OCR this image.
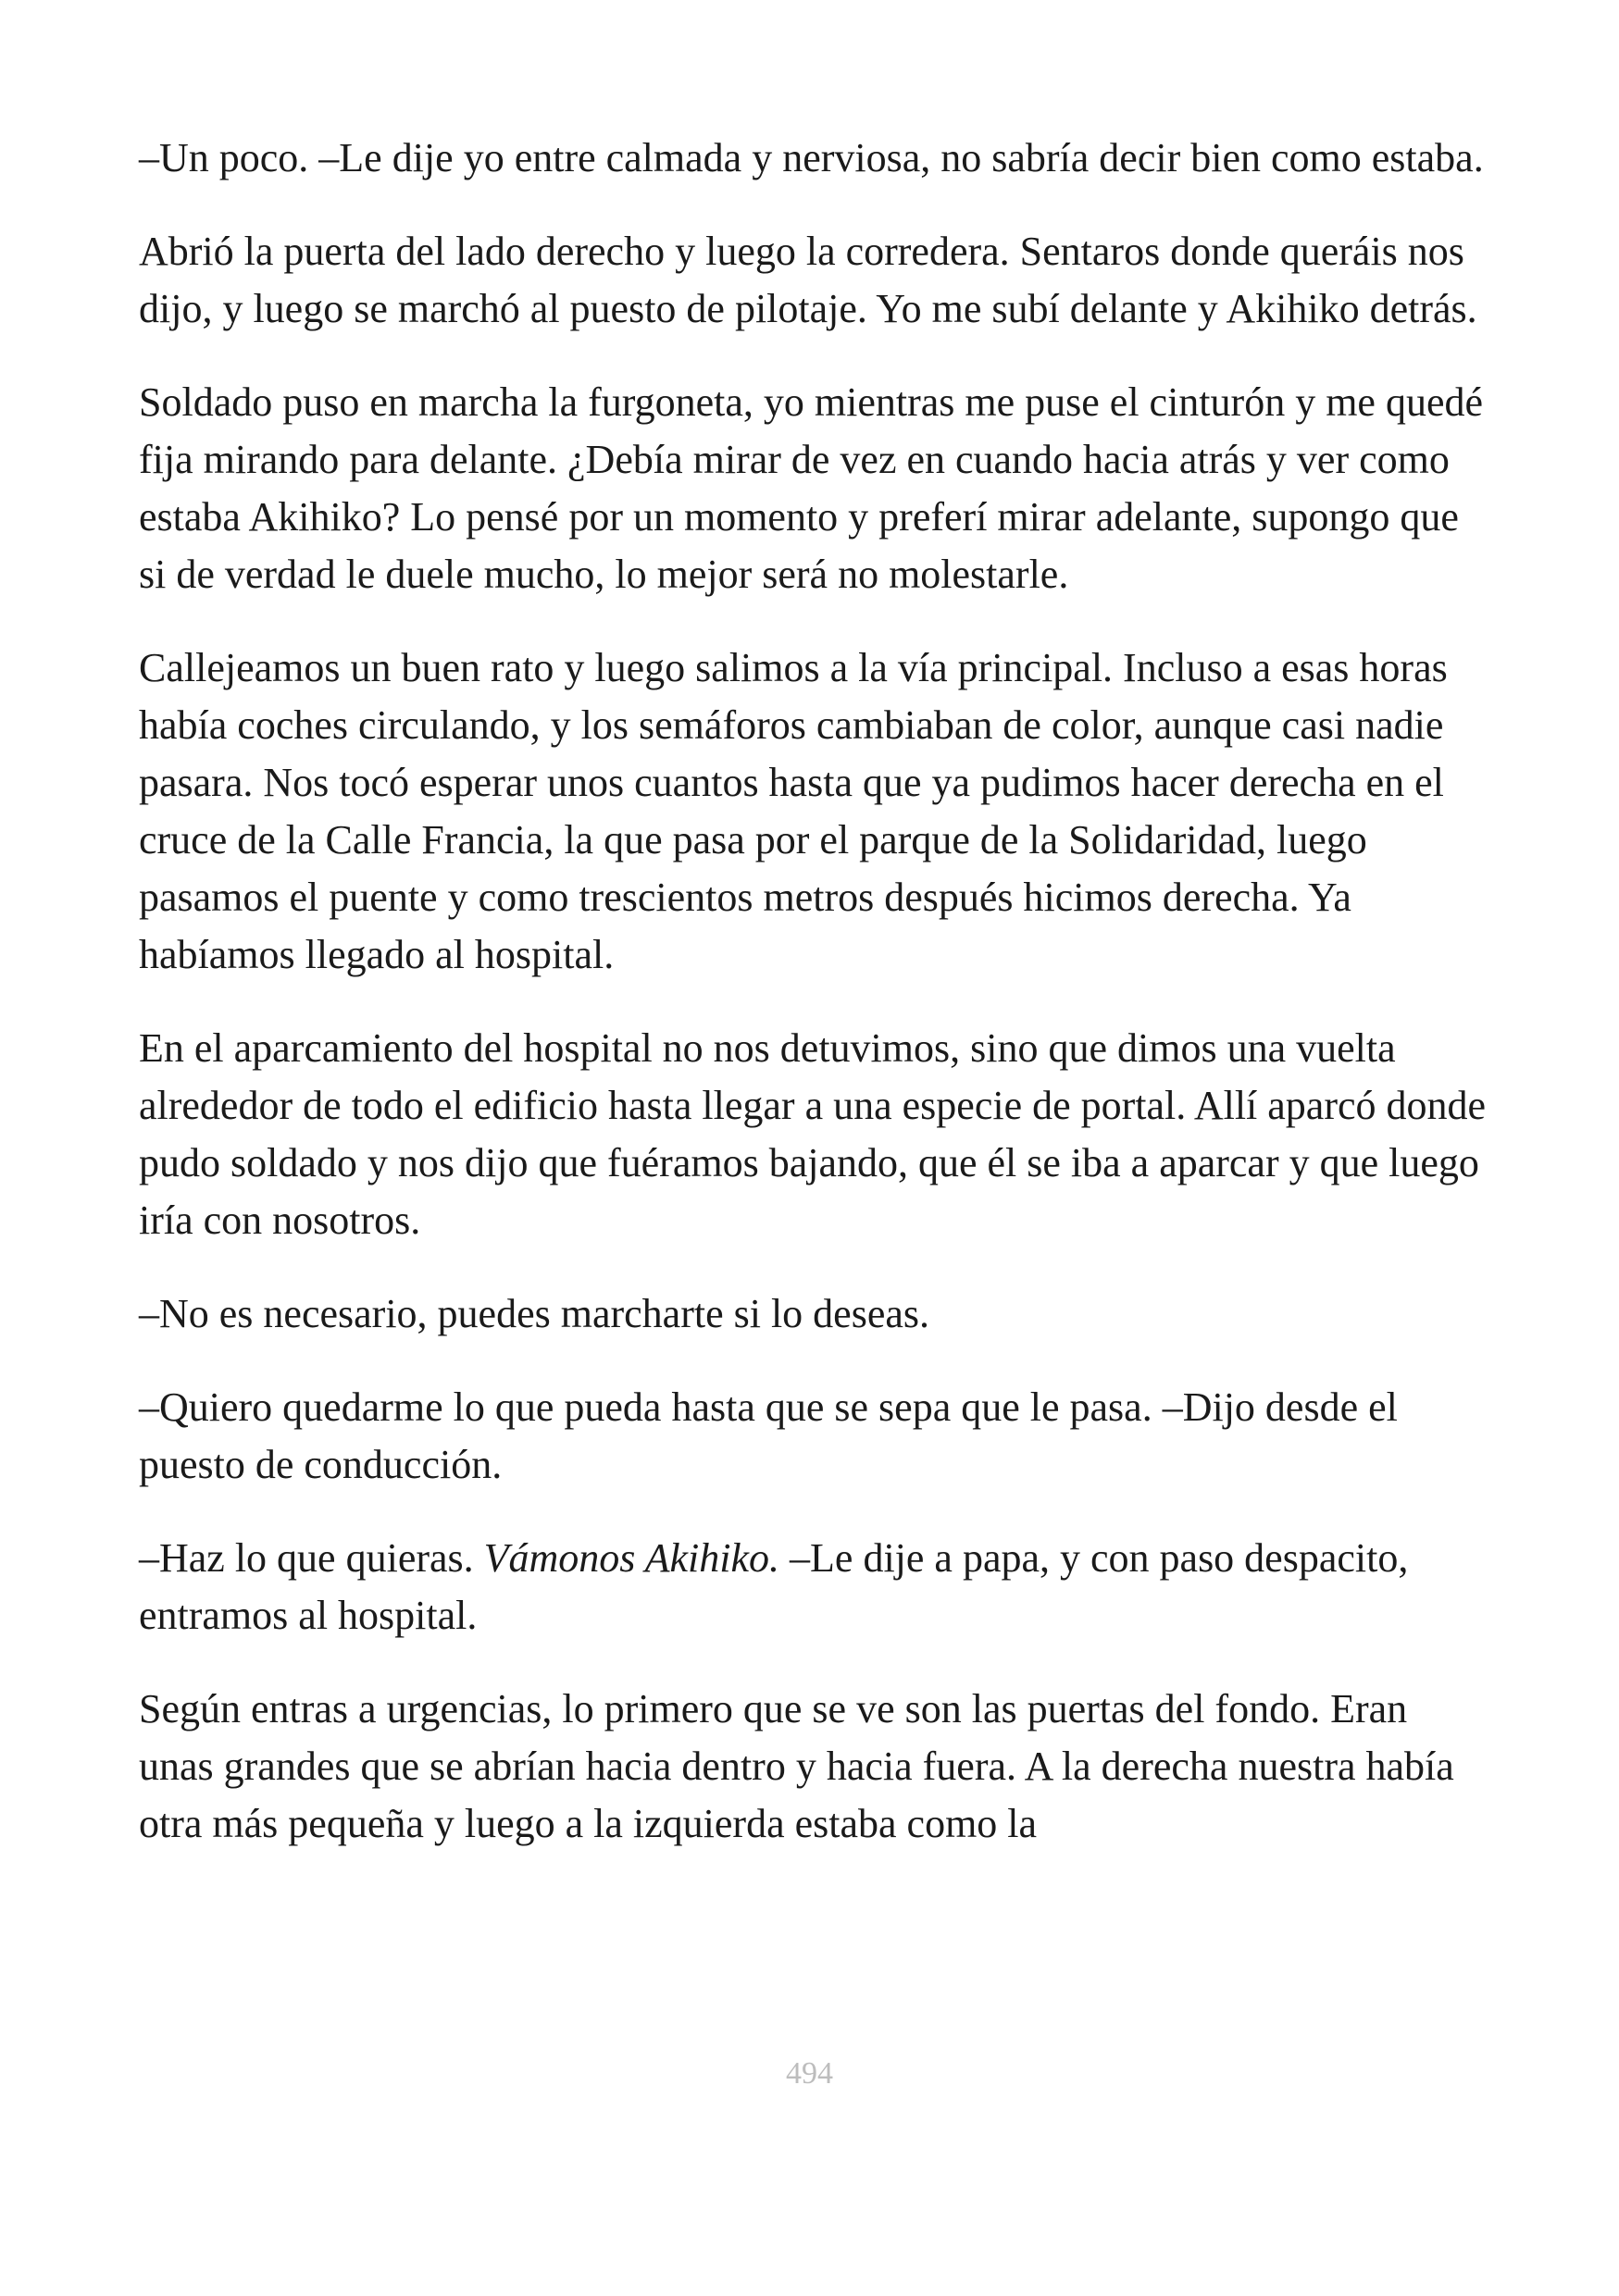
–Un poco. –Le dije yo entre calmada y nerviosa, no sabría decir bien como estaba.

Abrió la puerta del lado derecho y luego la corredera. Sentaros donde queráis nos dijo, y luego se marchó al puesto de pilotaje. Yo me subí delante y Akihiko detrás.

Soldado puso en marcha la furgoneta, yo mientras me puse el cinturón y me quedé fija mirando para delante. ¿Debía mirar de vez en cuando hacia atrás y ver como estaba Akihiko? Lo pensé por un momento y preferí mirar adelante, supongo que si de verdad le duele mucho, lo mejor será no molestarle.

Callejeamos un buen rato y luego salimos a la vía principal. Incluso a esas horas había coches circulando, y los semáforos cambiaban de color, aunque casi nadie pasara. Nos tocó esperar unos cuantos hasta que ya pudimos hacer derecha en el cruce de la Calle Francia, la que pasa por el parque de la Solidaridad, luego pasamos el puente y como trescientos metros después hicimos derecha. Ya habíamos llegado al hospital.

En el aparcamiento del hospital no nos detuvimos, sino que dimos una vuelta alrededor de todo el edificio hasta llegar a una especie de portal. Allí aparcó donde pudo soldado y nos dijo que fuéramos bajando, que él se iba a aparcar y que luego iría con nosotros.

–No es necesario, puedes marcharte si lo deseas.

–Quiero quedarme lo que pueda hasta que se sepa que le pasa. –Dijo desde el puesto de conducción.

–Haz lo que quieras. Vámonos Akihiko. –Le dije a papa, y con paso despacito, entramos al hospital.

Según entras a urgencias, lo primero que se ve son las puertas del fondo. Eran unas grandes que se abrían hacia dentro y hacia fuera. A la derecha nuestra había otra más pequeña y luego a la izquierda estaba como la

494
